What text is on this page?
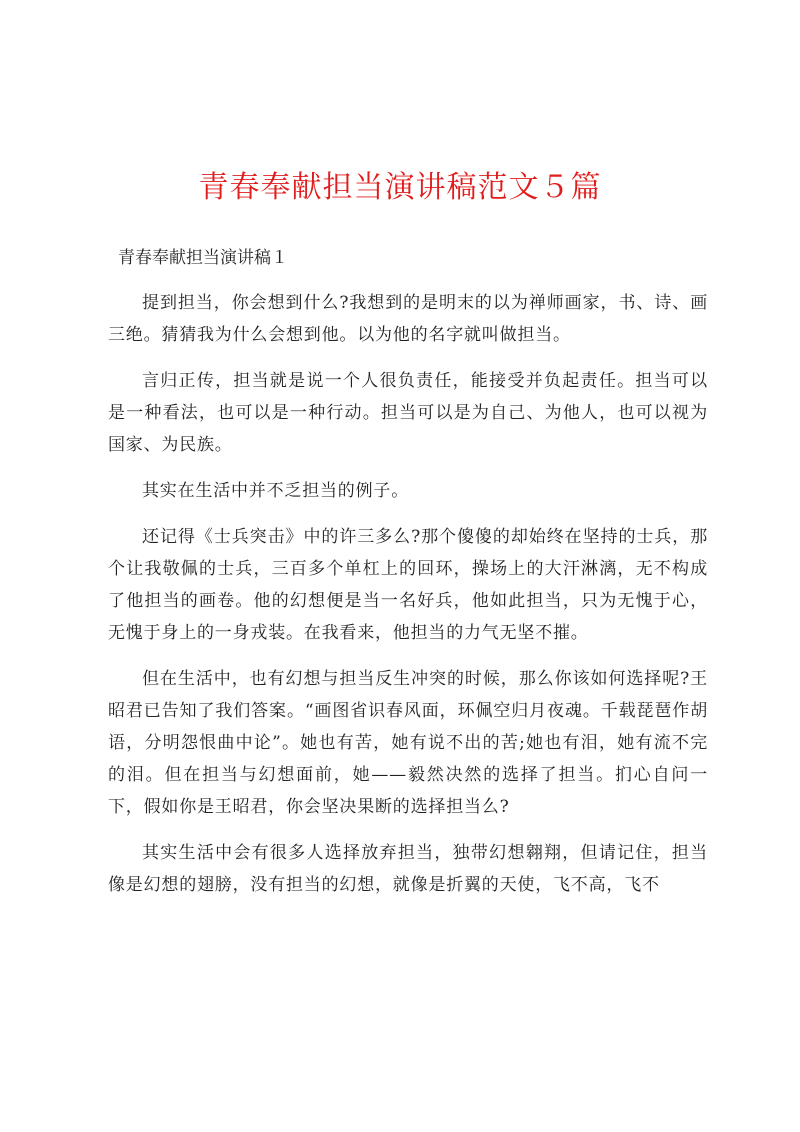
青春奉献担当演讲稿范文５篇
青春奉献担当演讲稿１

提到担当，你会想到什么?我想到的是明末的以为禅师画家，书、诗、画三绝。猜猜我为什么会想到他。以为他的名字就叫做担当。

言归正传，担当就是说一个人很负责任，能接受并负起责任。担当可以是一种看法，也可以是一种行动。担当可以是为自己、为他人，也可以视为国家、为民族。

其实在生活中并不乏担当的例子。

还记得《士兵突击》中的许三多么?那个傻傻的却始终在坚持的士兵，那个让我敬佩的士兵，三百多个单杠上的回环，操场上的大汗淋漓，无不构成了他担当的画卷。他的幻想便是当一名好兵，他如此担当，只为无愧于心，无愧于身上的一身戎装。在我看来，他担当的力气无坚不摧。

但在生活中，也有幻想与担当反生冲突的时候，那么你该如何选择呢?王昭君已告知了我们答案。“画图省识春风面，环佩空归月夜魂。千载琵琶作胡语，分明怨恨曲中论”。她也有苦，她有说不出的苦;她也有泪，她有流不完的泪。但在担当与幻想面前，她——毅然决然的选择了担当。扪心自问一下，假如你是王昭君，你会坚决果断的选择担当么?

其实生活中会有很多人选择放弃担当，独带幻想翱翔，但请记住，担当像是幻想的翅膀，没有担当的幻想，就像是折翼的天使，飞不高，飞不
